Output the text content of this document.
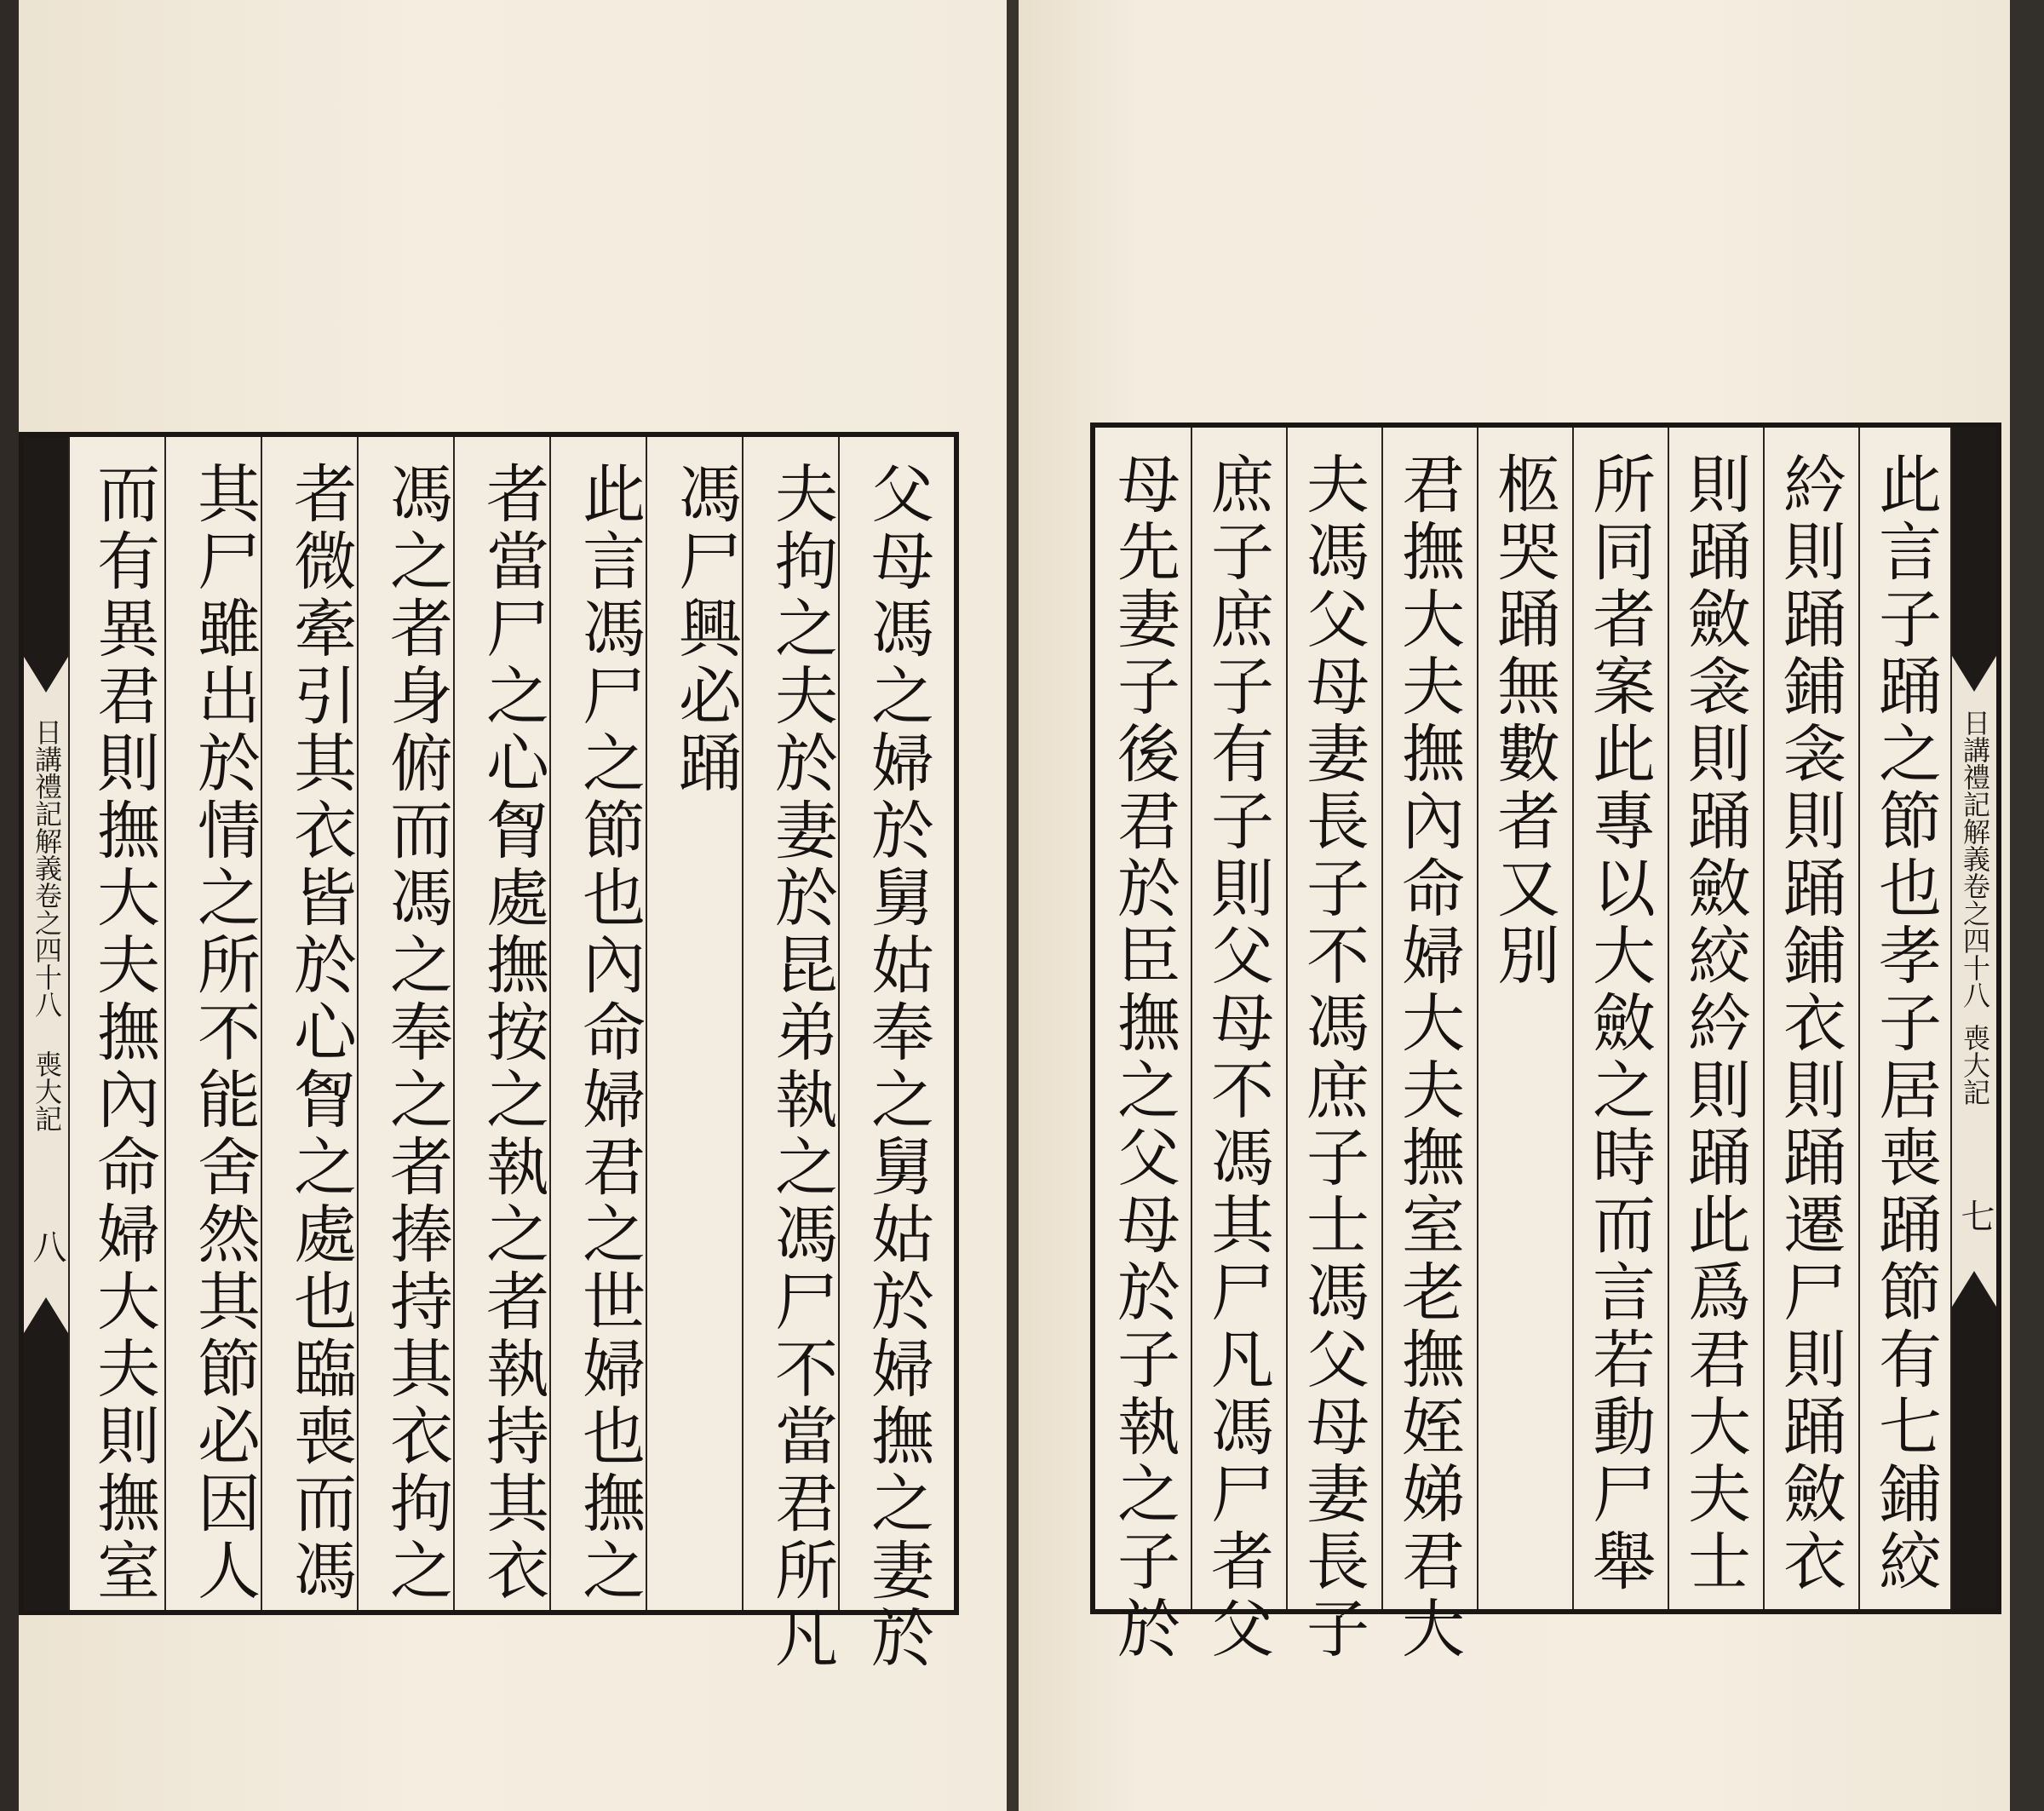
日講禮記解義卷之四十八
喪大記
八	父母馮之婦於舅姑奉之舅姑於婦撫之妻於
夫拘之夫於妻於昆弟執之馮尸不當君所凡
馮尸興必踊
此言馮尸之節也內命婦君之世婦也撫之
者當尸之心胷處撫按之執之者執持其衣
馮之者身俯而馮之奉之者捧持其衣拘之
者微牽引其衣皆於心胷之處也臨喪而馮
其尸雖出於情之所不能舍然其節必因人
而有異君則撫大夫撫內命婦大夫則撫室	此言子踊之節也孝子居喪踊節有七鋪絞
紟則踊鋪衾則踊鋪衣則踊遷尸則踊斂衣
則踊斂衾則踊斂絞紟則踊此爲君大夫士
所同者案此專以大斂之時而言若動尸舉
柩哭踊無數者又別
君撫大夫撫內命婦大夫撫室老撫姪娣君大
夫馮父母妻長子不馮庶子士馮父母妻長子
庶子庶子有子則父母不馮其尸凡馮尸者父
母先妻子後君於臣撫之父母於子執之子於	日講禮記解義卷之四十八
喪大記
七
